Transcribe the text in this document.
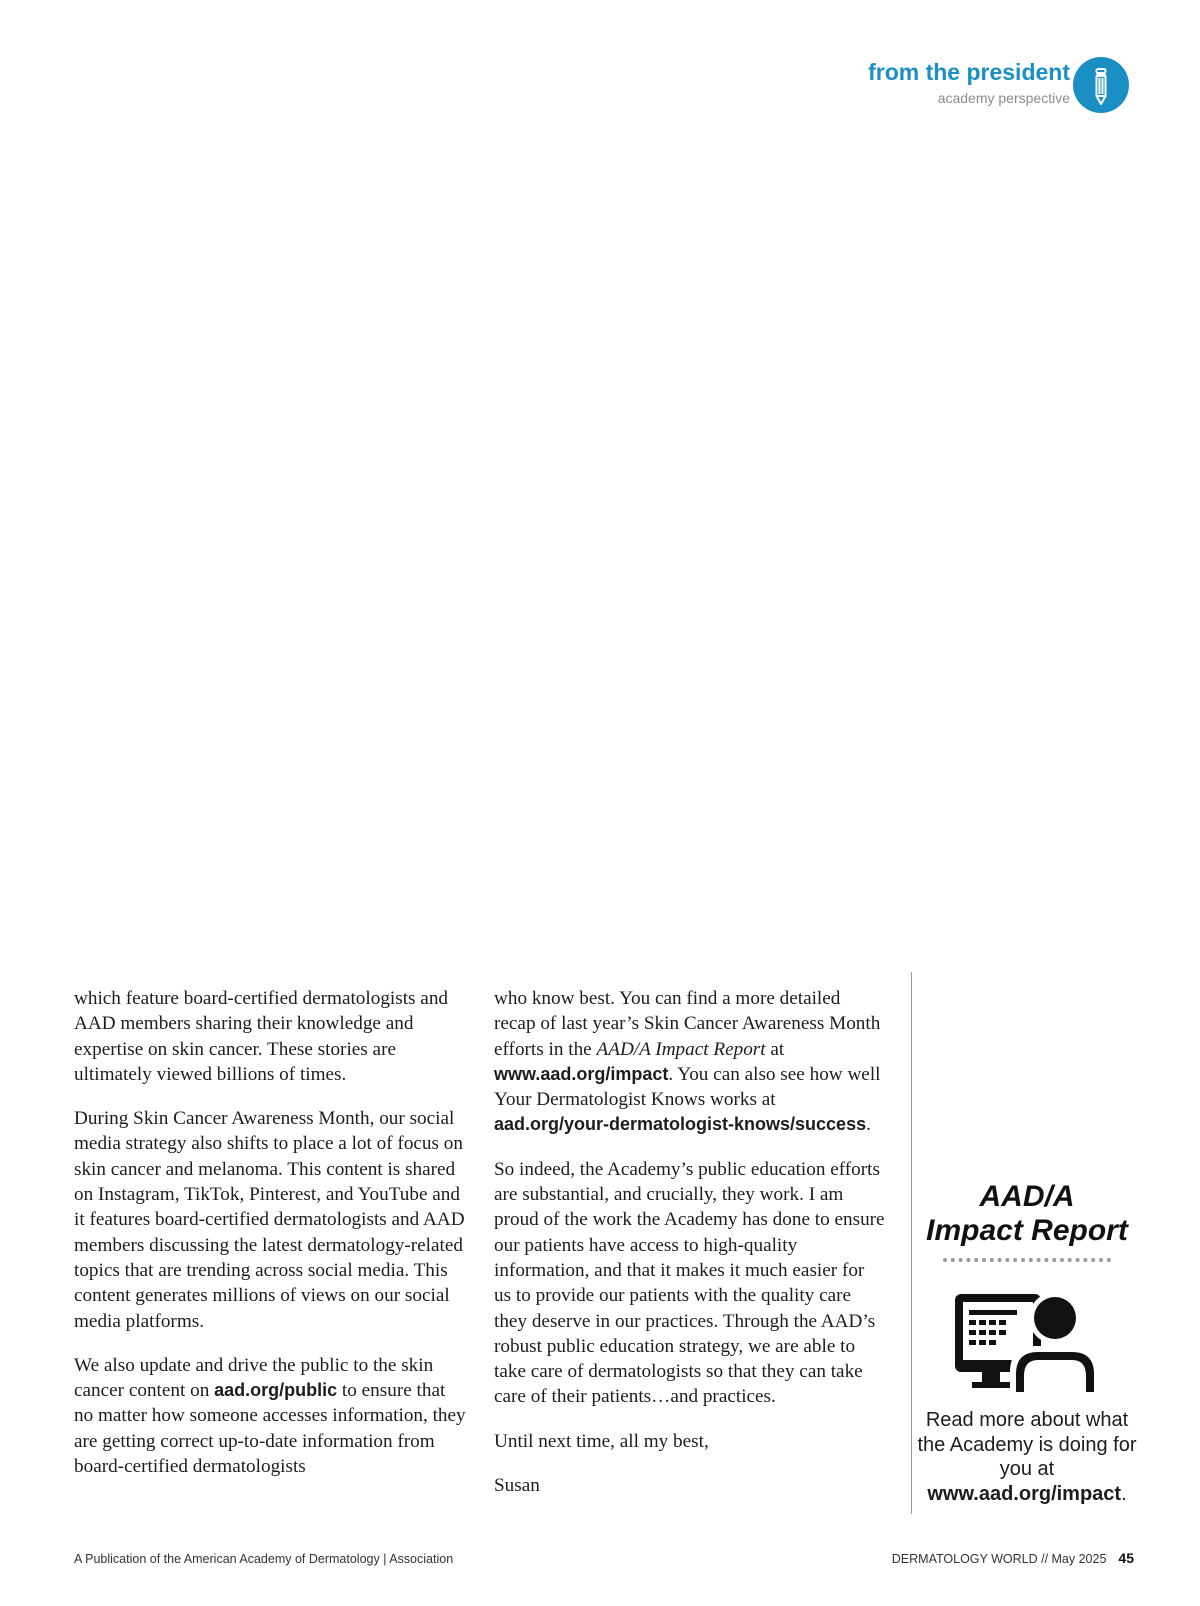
from the president
academy perspective

which feature board-certified dermatologists and AAD members sharing their knowledge and expertise on skin cancer. These stories are ultimately viewed billions of times.

During Skin Cancer Awareness Month, our social media strategy also shifts to place a lot of focus on skin cancer and melanoma. This content is shared on Instagram, TikTok, Pinterest, and YouTube and it features board-certified dermatologists and AAD members discussing the latest dermatology-related topics that are trending across social media. This content generates millions of views on our social media platforms.

We also update and drive the public to the skin cancer content on aad.org/public to ensure that no matter how someone accesses information, they are getting correct up-to-date information from board-certified dermatologists

who know best. You can find a more detailed recap of last year’s Skin Cancer Awareness Month efforts in the AAD/A Impact Report at www.aad.org/impact. You can also see how well Your Dermatologist Knows works at aad.org/your-dermatologist-knows/success.

So indeed, the Academy’s public education efforts are substantial, and crucially, they work. I am proud of the work the Academy has done to ensure our patients have access to high-quality information, and that it makes it much easier for us to provide our patients with the quality care they deserve in our practices. Through the AAD’s robust public education strategy, we are able to take care of dermatologists so that they can take care of their patients…and practices.

Until next time, all my best,

Susan

AAD/A
Impact Report
Read more about what the Academy is doing for you at www.aad.org/impact.
A Publication of the American Academy of Dermatology | Association	DERMATOLOGY WORLD // May 2025 45
